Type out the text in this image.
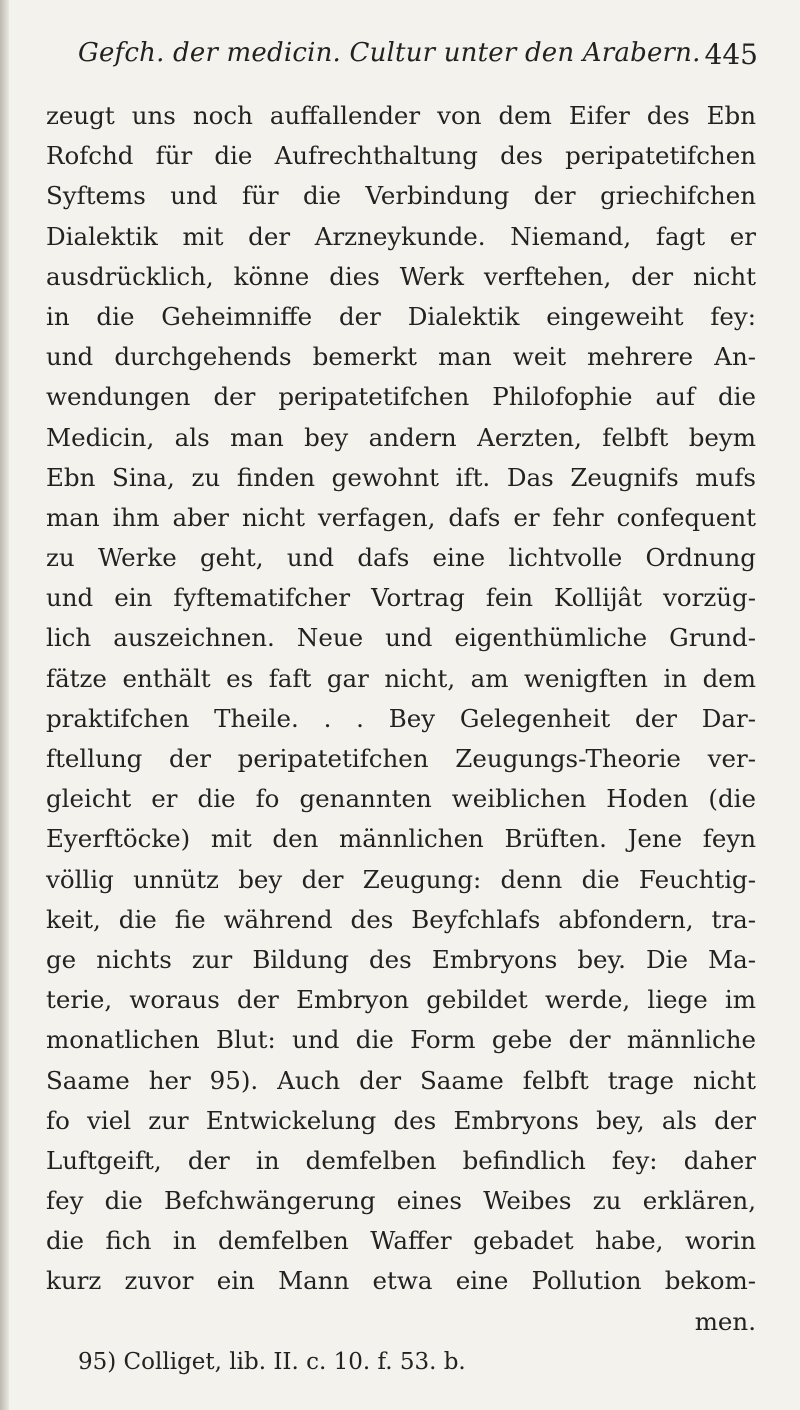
Gefch. der medicin. Cultur unter den Arabern. 445
zeugt uns noch auffallender von dem Eifer des Ebn
Rofchd für die Aufrechthaltung des peripatetifchen
Syftems und für die Verbindung der griechifchen
Dialektik mit der Arzneykunde. Niemand, fagt er
ausdrücklich, könne dies Werk verftehen, der nicht
in die Geheimniffe der Dialektik eingeweiht fey:
und durchgehends bemerkt man weit mehrere An-
wendungen der peripatetifchen Philofophie auf die
Medicin, als man bey andern Aerzten, felbft beym
Ebn Sina, zu finden gewohnt ift. Das Zeugnifs mufs
man ihm aber nicht verfagen, dafs er fehr confequent
zu Werke geht, und dafs eine lichtvolle Ordnung
und ein fyftematifcher Vortrag fein Kollijât vorzüg-
lich auszeichnen. Neue und eigenthümliche Grund-
fätze enthält es faft gar nicht, am wenigften in dem
praktifchen Theile. . . Bey Gelegenheit der Dar-
ftellung der peripatetifchen Zeugungs-Theorie ver-
gleicht er die fo genannten weiblichen Hoden (die
Eyerftöcke) mit den männlichen Brüften. Jene feyn
völlig unnütz bey der Zeugung: denn die Feuchtig-
keit, die fie während des Beyfchlafs abfondern, tra-
ge nichts zur Bildung des Embryons bey. Die Ma-
terie, woraus der Embryon gebildet werde, liege im
monatlichen Blut: und die Form gebe der männliche
Saame her 95). Auch der Saame felbft trage nicht
fo viel zur Entwickelung des Embryons bey, als der
Luftgeift, der in demfelben befindlich fey: daher
fey die Befchwängerung eines Weibes zu erklären,
die fich in demfelben Waffer gebadet habe, worin
kurz zuvor ein Mann etwa eine Pollution bekom-
men.
95) Colliget, lib. II. c. 10. f. 53. b.
